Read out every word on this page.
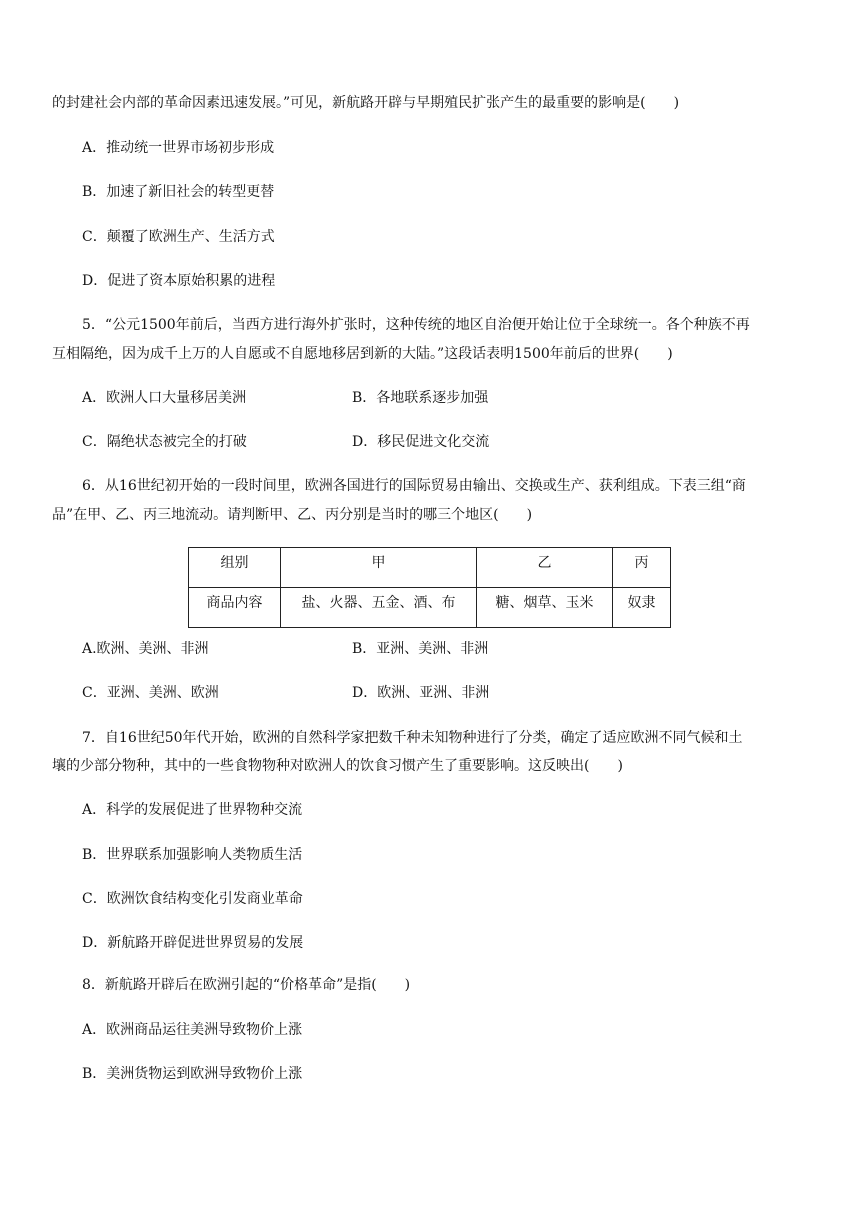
的封建社会内部的革命因素迅速发展。”可见，新航路开辟与早期殖民扩张产生的最重要的影响是(　　)
A．推动统一世界市场初步形成
B．加速了新旧社会的转型更替
C．颠覆了欧洲生产、生活方式
D．促进了资本原始积累的进程
5．“公元1500年前后，当西方进行海外扩张时，这种传统的地区自治便开始让位于全球统一。各个种族不再
互相隔绝，因为成千上万的人自愿或不自愿地移居到新的大陆。”这段话表明1500年前后的世界(　　)
A．欧洲人口大量移居美洲	B．各地联系逐步加强
C．隔绝状态被完全的打破	D．移民促进文化交流
6．从16世纪初开始的一段时间里，欧洲各国进行的国际贸易由输出、交换或生产、获利组成。下表三组“商
品”在甲、乙、丙三地流动。请判断甲、乙、丙分别是当时的哪三个地区(　　)
组别	甲	乙	丙
商品内容	盐、火器、五金、酒、布	糖、烟草、玉米	奴隶
A.欧洲、美洲、非洲	B．亚洲、美洲、非洲
C．亚洲、美洲、欧洲	D．欧洲、亚洲、非洲
7．自16世纪50年代开始，欧洲的自然科学家把数千种未知物种进行了分类，确定了适应欧洲不同气候和土
壤的少部分物种，其中的一些食物物种对欧洲人的饮食习惯产生了重要影响。这反映出(　　)
A．科学的发展促进了世界物种交流
B．世界联系加强影响人类物质生活
C．欧洲饮食结构变化引发商业革命
D．新航路开辟促进世界贸易的发展
8．新航路开辟后在欧洲引起的“价格革命”是指(　　)
A．欧洲商品运往美洲导致物价上涨
B．美洲货物运到欧洲导致物价上涨
